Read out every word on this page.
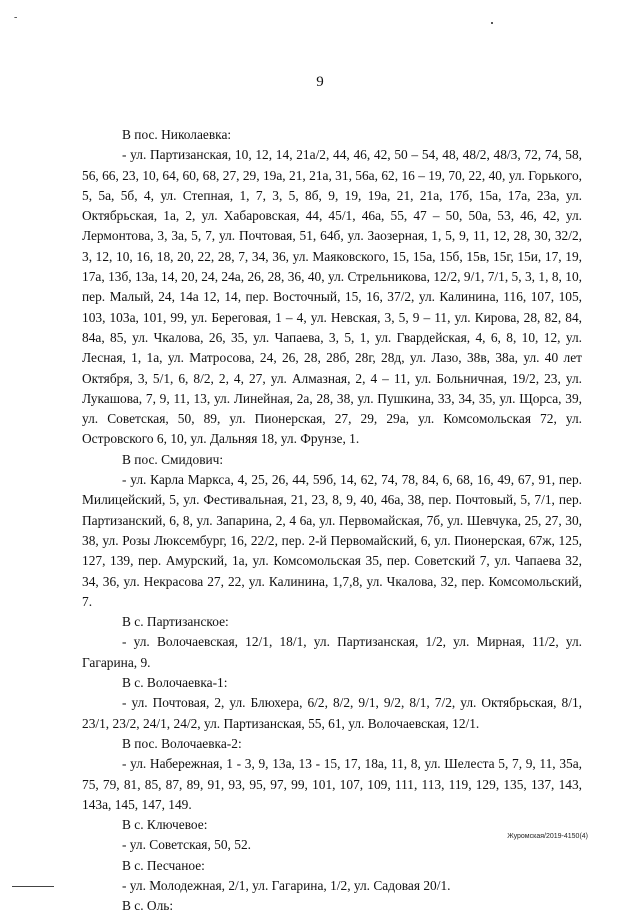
-
9

В пос. Николаевка:

- ул. Партизанская, 10, 12, 14, 21а/2, 44, 46, 42, 50 – 54, 48, 48/2, 48/3, 72, 74, 58, 56, 66, 23, 10, 64, 60, 68, 27, 29, 19а, 21, 21а, 31, 56а, 62, 16 – 19, 70, 22, 40, ул. Горького, 5, 5а, 5б, 4, ул. Степная, 1, 7, 3, 5, 8б, 9, 19, 19а, 21, 21а, 17б, 15а, 17а, 23а, ул. Октябрьская, 1а, 2, ул. Хабаровская, 44, 45/1, 46а, 55, 47 – 50, 50а, 53, 46, 42, ул. Лермонтова, 3, 3а, 5, 7, ул. Почтовая, 51, 64б, ул. Заозерная, 1, 5, 9, 11, 12, 28, 30, 32/2, 3, 12, 10, 16, 18, 20, 22, 28, 7, 34, 36, ул. Маяковского, 15, 15а, 15б, 15в, 15г, 15и, 17, 19, 17а, 13б, 13а, 14, 20, 24, 24а, 26, 28, 36, 40, ул. Стрельникова, 12/2, 9/1, 7/1, 5, 3, 1, 8, 10, пер. Малый, 24, 14а 12, 14, пер. Восточный, 15, 16, 37/2, ул. Калинина, 116, 107, 105, 103, 103а, 101, 99, ул. Береговая, 1 – 4, ул. Невская, 3, 5, 9 – 11, ул. Кирова, 28, 82, 84, 84а, 85, ул. Чкалова, 26, 35, ул. Чапаева, 3, 5, 1, ул. Гвардейская, 4, 6, 8, 10, 12, ул. Лесная, 1, 1а, ул. Матросова, 24, 26, 28, 28б, 28г, 28д, ул. Лазо, 38в, 38а, ул. 40 лет Октября, 3, 5/1, 6, 8/2, 2, 4, 27, ул. Алмазная, 2, 4 – 11, ул. Больничная, 19/2, 23, ул. Лукашова, 7, 9, 11, 13, ул. Линейная, 2а, 28, 38, ул. Пушкина, 33, 34, 35, ул. Щорса, 39, ул. Советская, 50, 89, ул. Пионерская, 27, 29, 29а, ул. Комсомольская 72, ул. Островского 6, 10, ул. Дальняя 18, ул. Фрунзе, 1.

В пос. Смидович:

- ул. Карла Маркса, 4, 25, 26, 44, 59б, 14, 62, 74, 78, 84, 6, 68, 16, 49, 67, 91, пер. Милицейский, 5, ул. Фестивальная, 21, 23, 8, 9, 40, 46а, 38, пер. Почтовый, 5, 7/1, пер. Партизанский, 6, 8, ул. Запарина, 2, 4 6а, ул. Первомайская, 7б, ул. Шевчука, 25, 27, 30, 38, ул. Розы Люксембург, 16, 22/2, пер. 2-й Первомайский, 6, ул. Пионерская, 67ж, 125, 127, 139, пер. Амурский, 1а, ул. Комсомольская 35, пер. Советский 7, ул. Чапаева 32, 34, 36, ул. Некрасова 27, 22, ул. Калинина, 1,7,8, ул. Чкалова, 32, пер. Комсомольский, 7.

В с. Партизанское:

- ул. Волочаевская, 12/1, 18/1, ул. Партизанская, 1/2, ул. Мирная, 11/2, ул. Гагарина, 9.

В с. Волочаевка-1:

- ул. Почтовая, 2, ул. Блюхера, 6/2, 8/2, 9/1, 9/2, 8/1, 7/2, ул. Октябрьская, 8/1, 23/1, 23/2, 24/1, 24/2, ул. Партизанская, 55, 61, ул. Волочаевская, 12/1.

В пос. Волочаевка-2:

- ул. Набережная, 1 - 3, 9, 13а, 13 - 15, 17, 18а, 11, 8, ул. Шелеста 5, 7, 9, 11, 35а, 75, 79, 81, 85, 87, 89, 91, 93, 95, 97, 99, 101, 107, 109, 111, 113, 119, 129, 135, 137, 143, 143а, 145, 147, 149.

В с. Ключевое:

- ул. Советская, 50, 52.

В с. Песчаное:

- ул. Молодежная, 2/1, ул. Гагарина, 1/2, ул. Садовая 20/1.

В с. Оль:

Журомская/2019-4150(4)
